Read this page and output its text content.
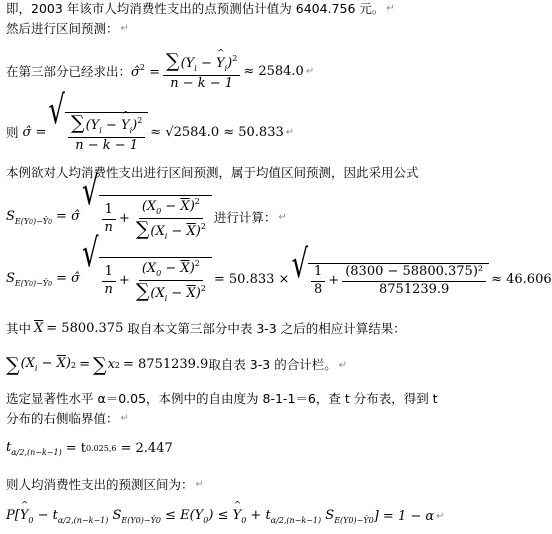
即，2003 年该市人均消费性支出的点预测估计值为 6404.756 元。 ↵
然后进行区间预测： ↵
在第三部分已经求出： σ̂$^2$ = $\frac{\sum(Y_i - \^{} Y_i)^2}{n - k - 1} \approx 2584.0$ ↵
则 σ̂ = √
$\frac{\sum(Y_i - \^{} Y_i)^2}{n - k - 1} \approx √2584.0 \approx 50.833$ ↵
本例欲对人均消费性支出进行区间预测，属于均值区间预测，因此采用公式
$S_{E(Y0)-Ŷ0}$ = σ̂
√
$\frac{1}{n} + \frac{(X_0 - \overline{X})^2}{\sum(X_i - \overline{X})^2}$ 进行计算： ↵
$S_{E(Y0)-Ŷ0}$ = σ̂
√
$\frac{1}{n} + \frac{(X_0 - \overline{X})^2}{\sum(X_i - \overline{X})^2} = 50.833$ × √ $\frac{1}{8} + \frac{\text{(8300 − 58800.375)²}}{8751239.9} \approx 46.606$
其中 $\overline{X} = 5800.375$ 取自本文第三部分中表 3-3 之后的相应计算结果：
∑ $(X_i - \overline{X}) 2$ = ∑ x 2 = 8751239.9 取自表 3-3 的合计栏。 ↵
选定显著性水平 α＝0.05，本例中的自由度为 8-1-1＝6，查 t 分布表，得到 t
分布的右侧临界值： ↵
$t_{\alpha/2,(n-k-1)} = t$ 0.025,6 = 2.447
则人均消费性支出的预测区间为： ↵
P[^ $Y_0 - t_{\alpha/2,(n-k-1)}$ $S_{E(Y0)-Ŷ0} \le E(Y_0)$ ≤ ^ $Y_0 + t_{\alpha/2,(n-k-1)}$ $S_{E(Y0)-Ŷ0}$ ] = 1 − α ↵
